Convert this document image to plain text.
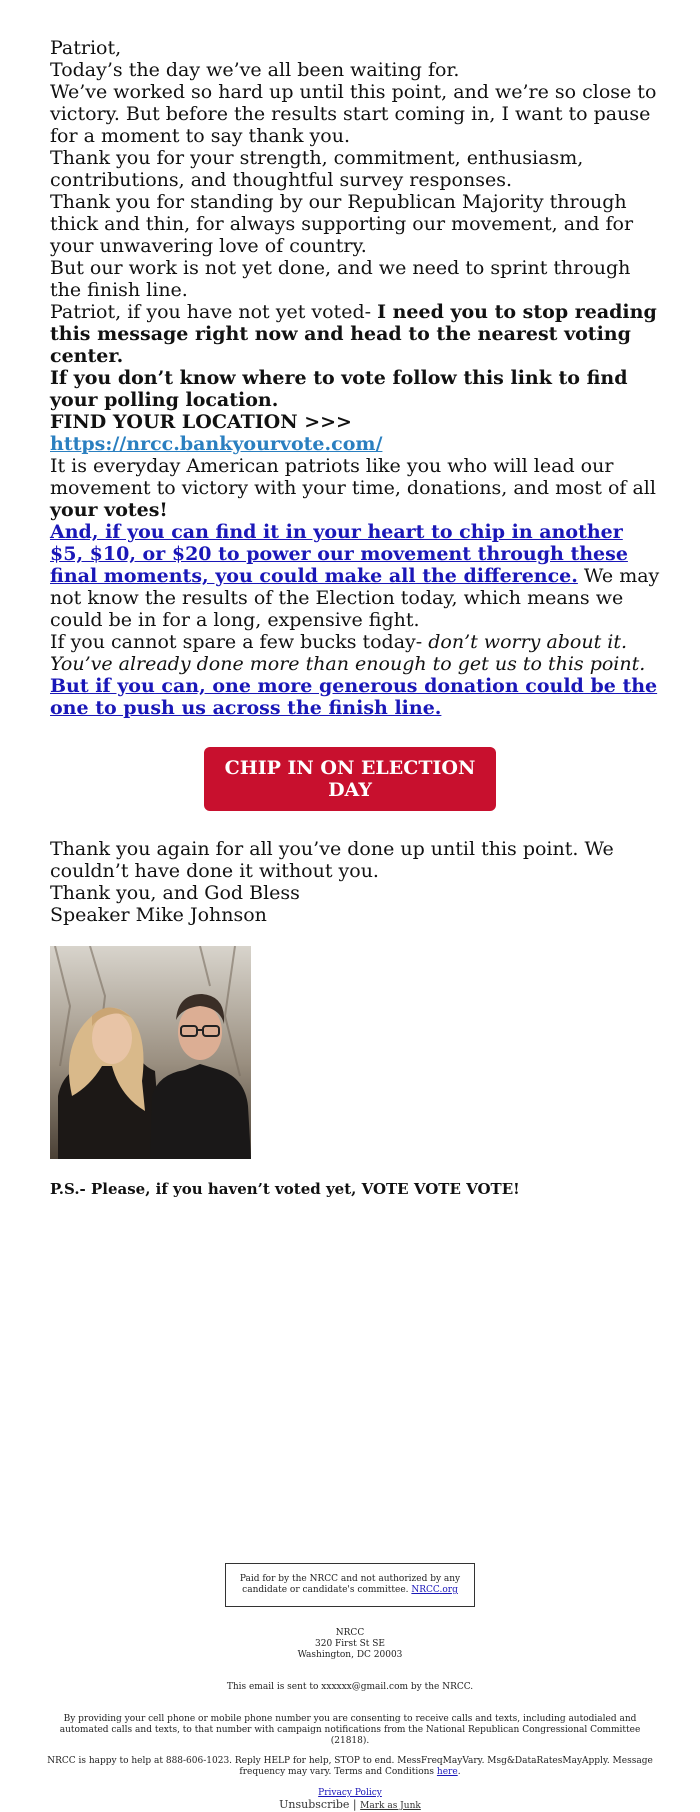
Patriot,

Today’s the day we’ve all been waiting for.

We’ve worked so hard up until this point, and we’re so close to victory. But before the results start coming in, I want to pause for a moment to say thank you.

Thank you for your strength, commitment, enthusiasm, contributions, and thoughtful survey responses.

Thank you for standing by our Republican Majority through thick and thin, for always supporting our movement, and for your unwavering love of country.

But our work is not yet done, and we need to sprint through the finish line.

Patriot, if you have not yet voted- I need you to stop reading this message right now and head to the nearest voting center.

If you don’t know where to vote follow this link to find your polling location.

FIND YOUR LOCATION >>>
https://nrcc.bankyourvote.com/

It is everyday American patriots like you who will lead our movement to victory with your time, donations, and most of all your votes!

And, if you can find it in your heart to chip in another $5, $10, or $20 to power our movement through these final moments, you could make all the difference. We may not know the results of the Election today, which means we could be in for a long, expensive fight.

If you cannot spare a few bucks today- don’t worry about it. You’ve already done more than enough to get us to this point. But if you can, one more generous donation could be the one to push us across the finish line.

CHIP IN ON ELECTION DAY

Thank you again for all you’ve done up until this point. We couldn’t have done it without you.

Thank you, and God Bless

Speaker Mike Johnson

P.S.- Please, if you haven’t voted yet, VOTE VOTE VOTE!

Paid for by the NRCC and not authorized by any candidate or candidate's committee. NRCC.org
NRCC
320 First St SE
Washington, DC 20003
This email is sent to xxxxxx@gmail.com by the NRCC.
By providing your cell phone or mobile phone number you are consenting to receive calls and texts, including autodialed and automated calls and texts, to that number with campaign notifications from the National Republican Congressional Committee (21818).
NRCC is happy to help at 888-606-1023. Reply HELP for help, STOP to end. MessFreqMayVary. Msg&DataRatesMayApply. Message frequency may vary. Terms and Conditions here.
Privacy Policy
Unsubscribe | Mark as Junk
